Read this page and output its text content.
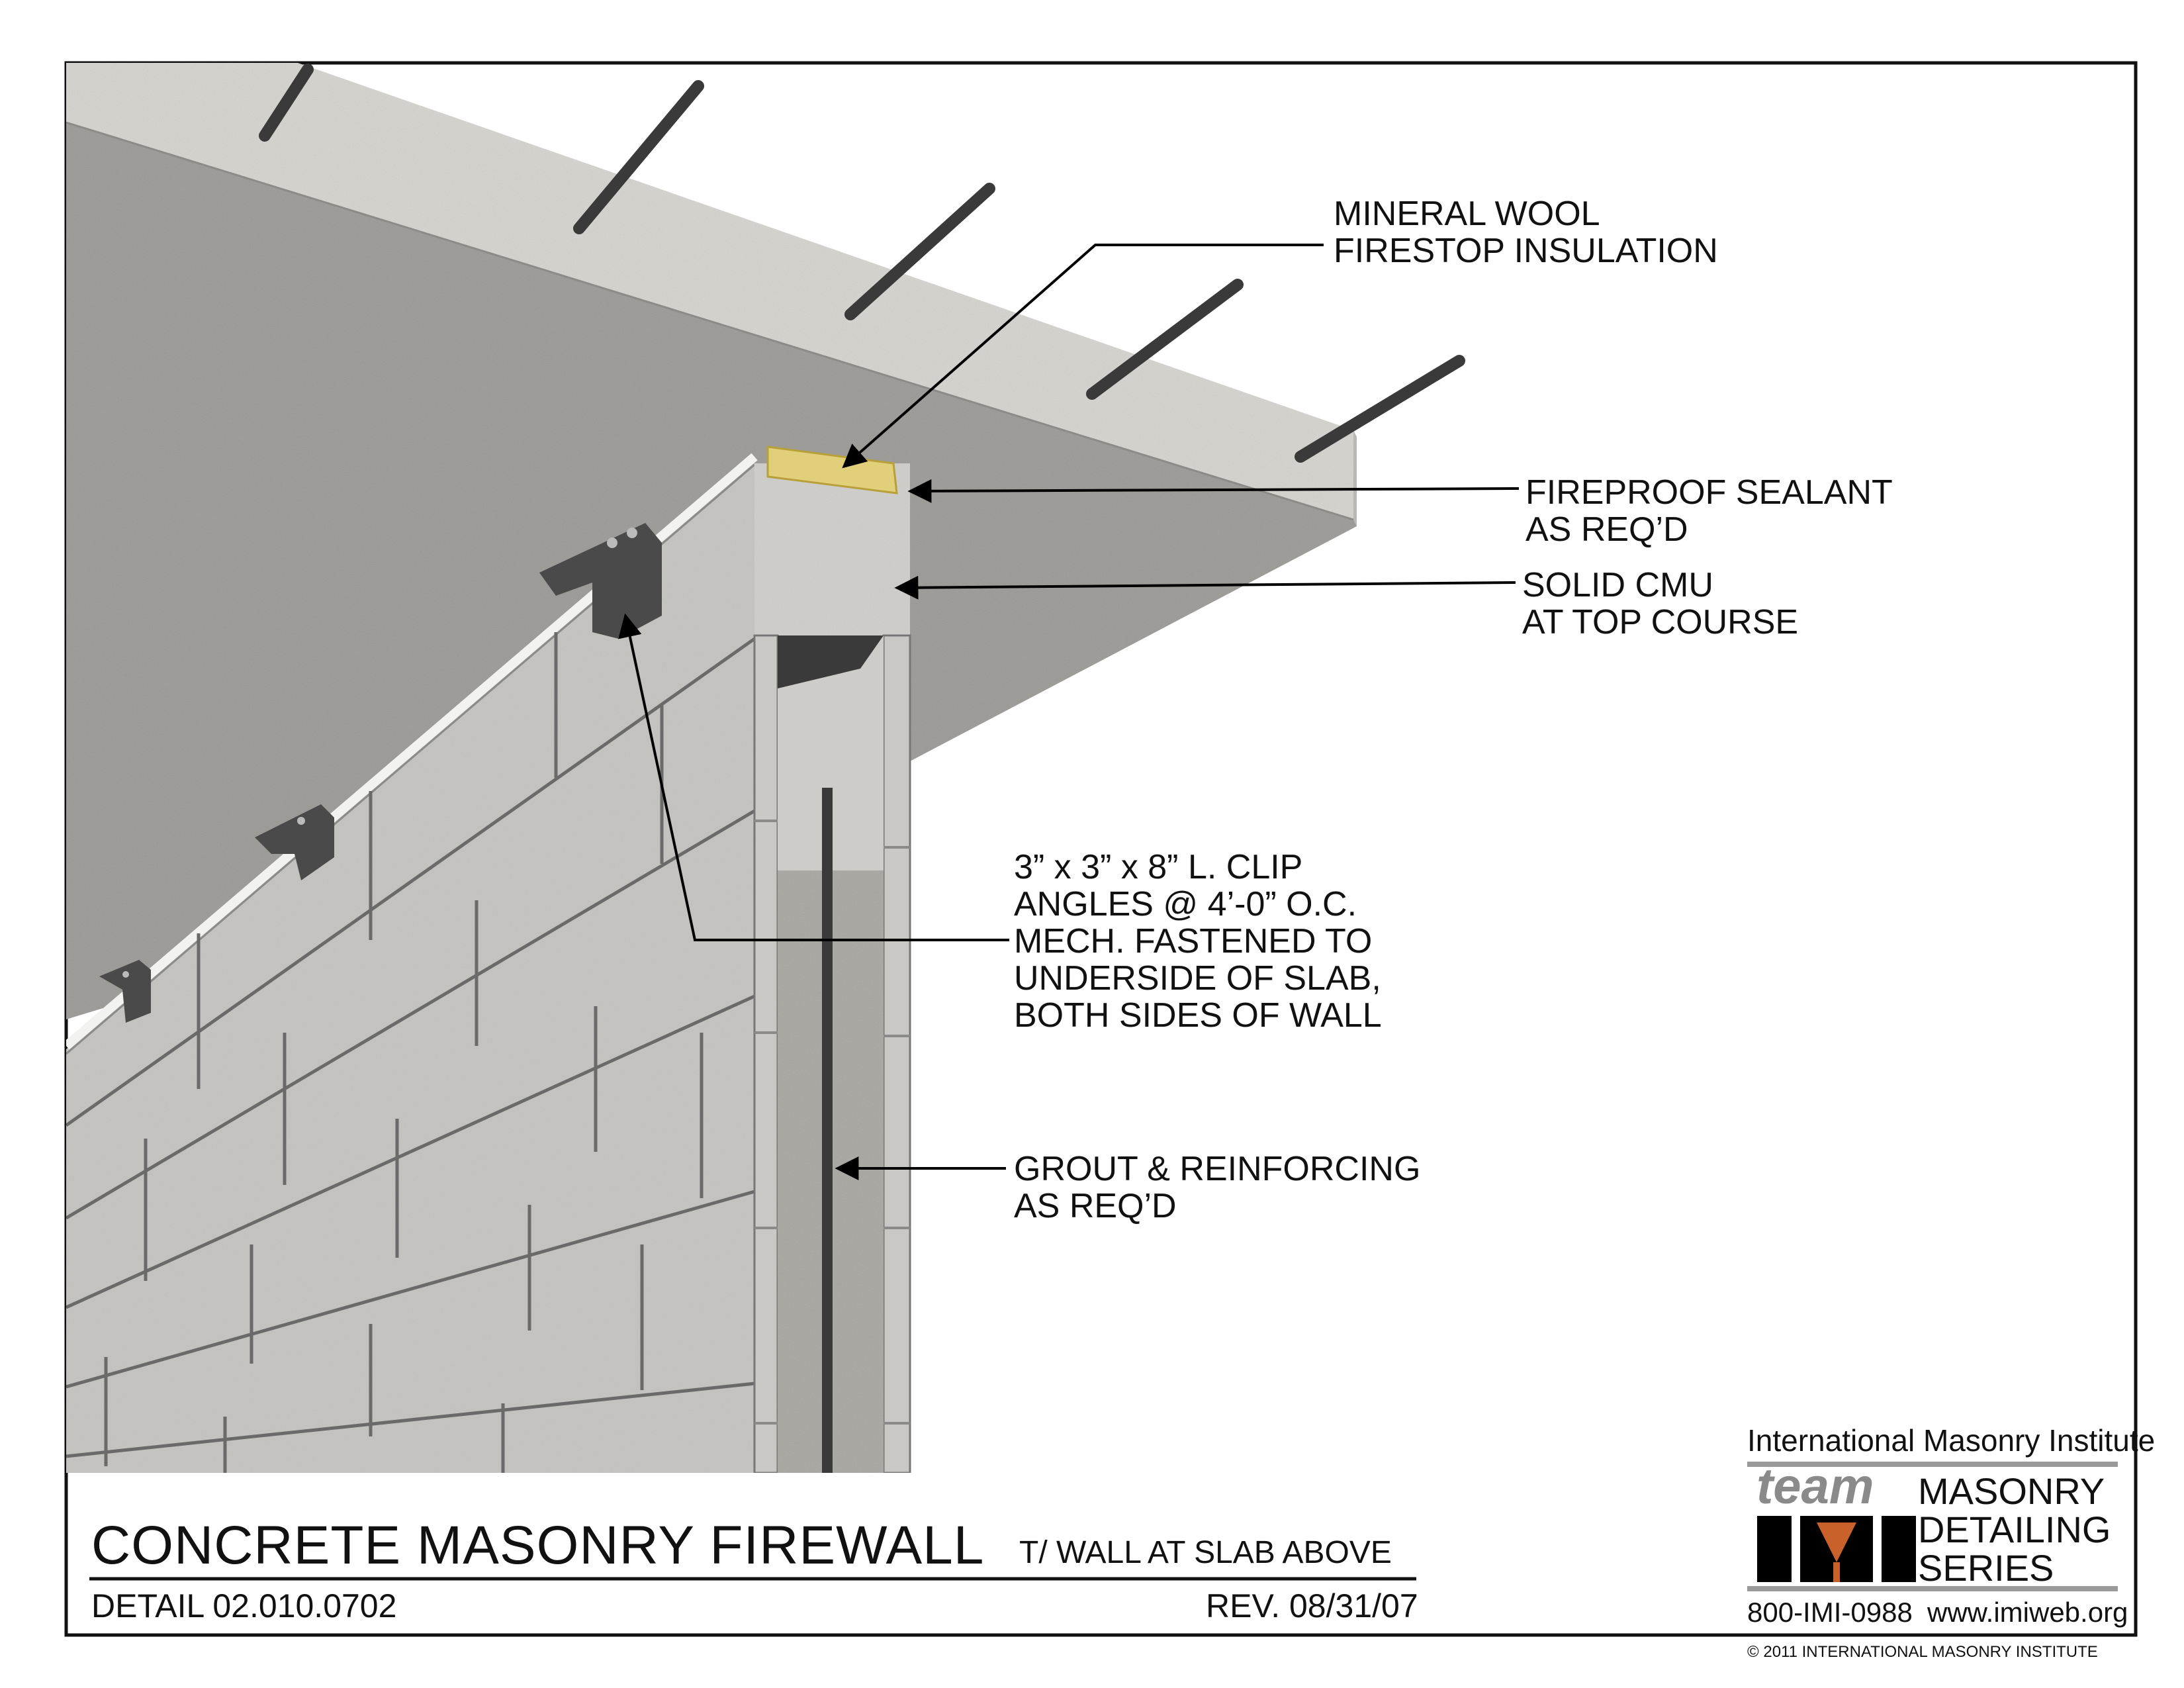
MINERAL WOOL
FIRESTOP INSULATION
FIREPROOF SEALANT
AS REQ’D
SOLID CMU
AT TOP COURSE
3” x 3” x 8” L. CLIP
ANGLES @ 4’-0” O.C.
MECH. FASTENED TO
UNDERSIDE OF SLAB,
BOTH SIDES OF WALL
GROUT & REINFORCING
AS REQ’D
CONCRETE MASONRY FIREWALL T/ WALL AT SLAB ABOVE
DETAIL 02.010.0702	REV. 08/31/07
International Masonry Institute
team MASONRY
DETAILING
SERIES
800-IMI-0988 www.imiweb.org
© 2011 INTERNATIONAL MASONRY INSTITUTE
